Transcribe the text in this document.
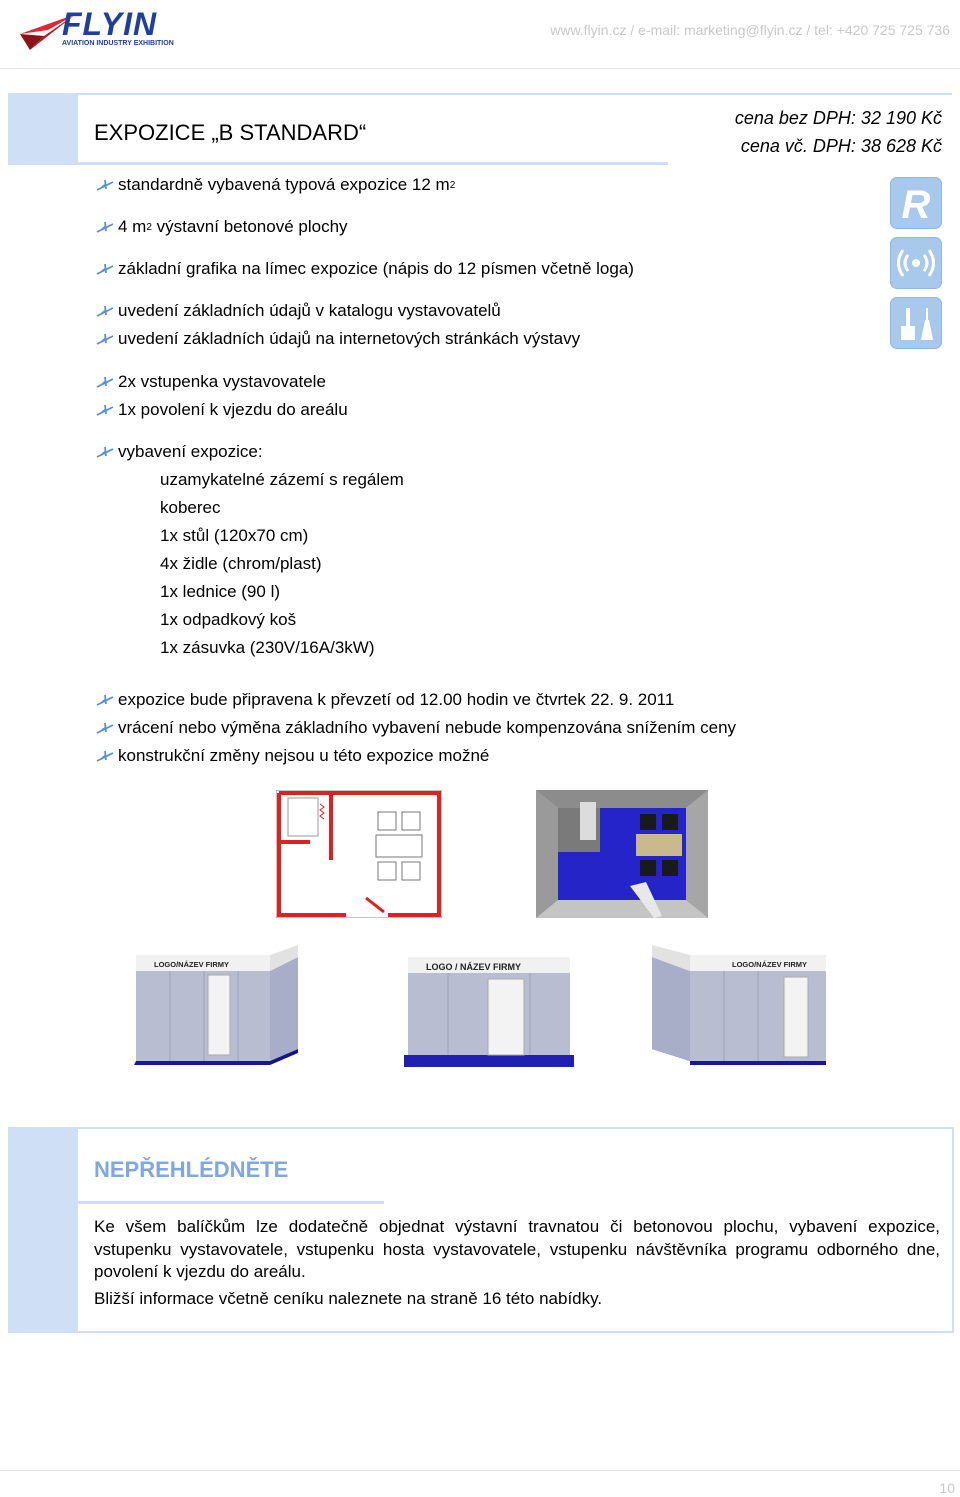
FLYIN
AVIATION INDUSTRY EXHIBITION
www.flyin.cz / e-mail: marketing@flyin.cz / tel: +420 725 725 736
EXPOZICE „B STANDARD“
cena bez DPH: 32 190 Kč
cena vč. DPH: 38 628 Kč
standardně vybavená typová expozice 12 m 2
4 m 2 výstavní betonové plochy
základní grafika na límec expozice (nápis do 12 písmen včetně loga)
uvedení základních údajů v katalogu vystavovatelů
uvedení základních údajů na internetových stránkách výstavy
2x vstupenka vystavovatele
1x povolení k vjezdu do areálu
vybavení expozice:
uzamykatelné zázemí s regálem
koberec
1x stůl (120x70 cm)
4x židle (chrom/plast)
1x lednice (90 l)
1x odpadkový koš
1x zásuvka (230V/16A/3kW)
expozice bude připravena k převzetí od 12.00 hodin ve čtvrtek 22. 9. 2011
vrácení nebo výměna základního vybavení nebude kompenzována snížením ceny
konstrukční změny nejsou u této expozice možné
R
LOGO/NÁZEV FIRMY	LOGO / NÁZEV FIRMY	LOGO/NÁZEV FIRMY
NEPŘEHLÉDNĚTE
Ke všem balíčkům lze dodatečně objednat výstavní travnatou či betonovou plochu, vybavení expozice, vstupenku vystavovatele, vstupenku hosta vystavovatele, vstupenku návštěvníka programu odborného dne, povolení k vjezdu do areálu.
Bližší informace včetně ceníku naleznete na straně 16 této nabídky.
10
